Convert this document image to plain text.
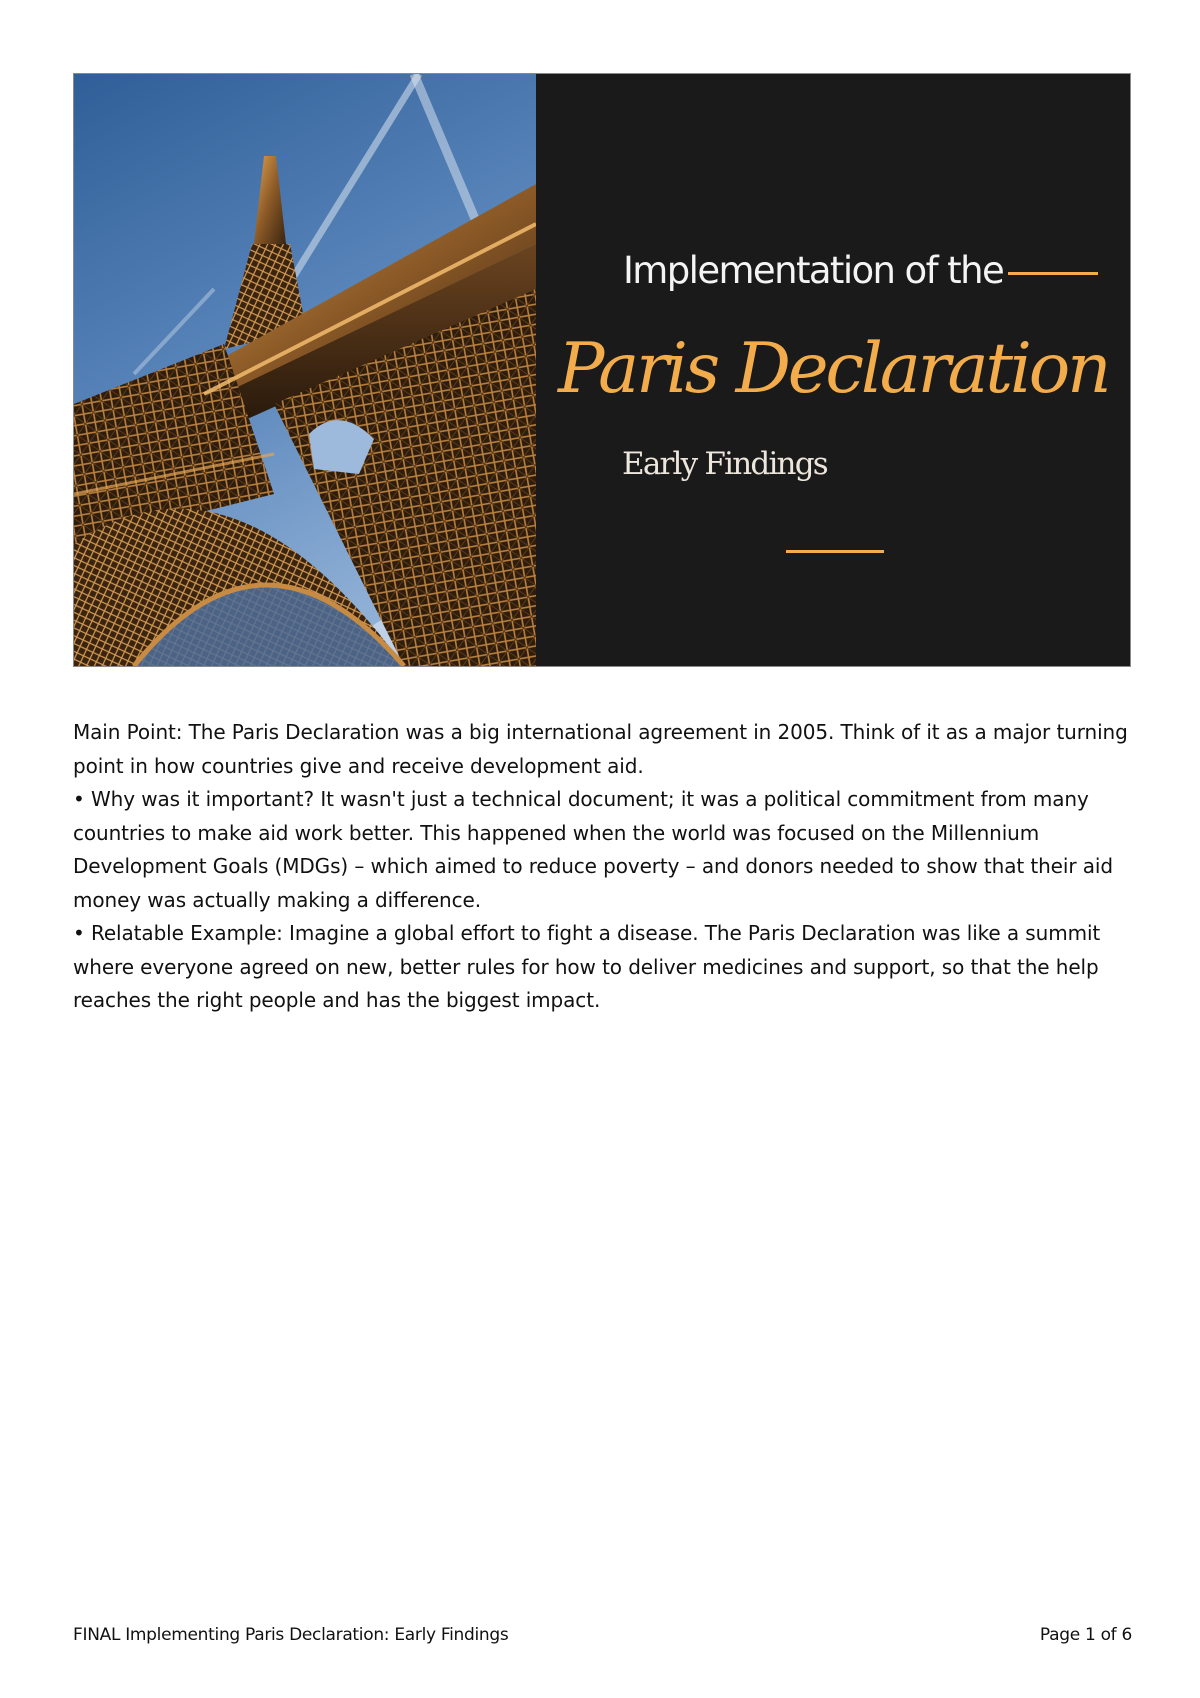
Implementation of the
Paris Declaration
Early Findings

Main Point: The Paris Declaration was a big international agreement in 2005. Think of it as a major turning point in how countries give and receive development aid.

• Why was it important? It wasn't just a technical document; it was a political commitment from many countries to make aid work better. This happened when the world was focused on the Millennium Development Goals (MDGs) – which aimed to reduce poverty – and donors needed to show that their aid money was actually making a difference.

• Relatable Example: Imagine a global effort to fight a disease. The Paris Declaration was like a summit where everyone agreed on new, better rules for how to deliver medicines and support, so that the help reaches the right people and has the biggest impact.

FINAL Implementing Paris Declaration: Early Findings	Page 1 of 6
